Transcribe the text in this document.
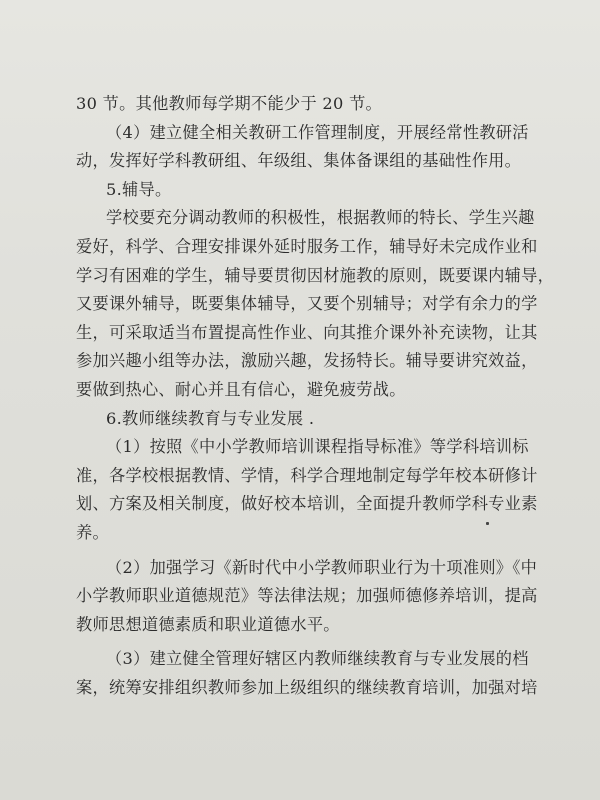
30 节。其他教师每学期不能少于 20 节。
（4）建立健全相关教研工作管理制度，开展经常性教研活
动，发挥好学科教研组、年级组、集体备课组的基础性作用。
5.辅导。
学校要充分调动教师的积极性，根据教师的特长、学生兴趣
爱好，科学、合理安排课外延时服务工作，辅导好未完成作业和
学习有困难的学生，辅导要贯彻因材施教的原则，既要课内辅导，
又要课外辅导，既要集体辅导，又要个别辅导；对学有余力的学
生，可采取适当布置提高性作业、向其推介课外补充读物，让其
参加兴趣小组等办法，激励兴趣，发扬特长。辅导要讲究效益，
要做到热心、耐心并且有信心，避免疲劳战。
6.教师继续教育与专业发展 .
（1）按照《中小学教师培训课程指导标准》等学科培训标
准，各学校根据教情、学情，科学合理地制定每学年校本研修计
划、方案及相关制度，做好校本培训，全面提升教师学科专业素
养。
（2）加强学习《新时代中小学教师职业行为十项准则》《中
小学教师职业道德规范》等法律法规；加强师德修养培训，提高
教师思想道德素质和职业道德水平。
（3）建立健全管理好辖区内教师继续教育与专业发展的档
案，统筹安排组织教师参加上级组织的继续教育培训，加强对培
